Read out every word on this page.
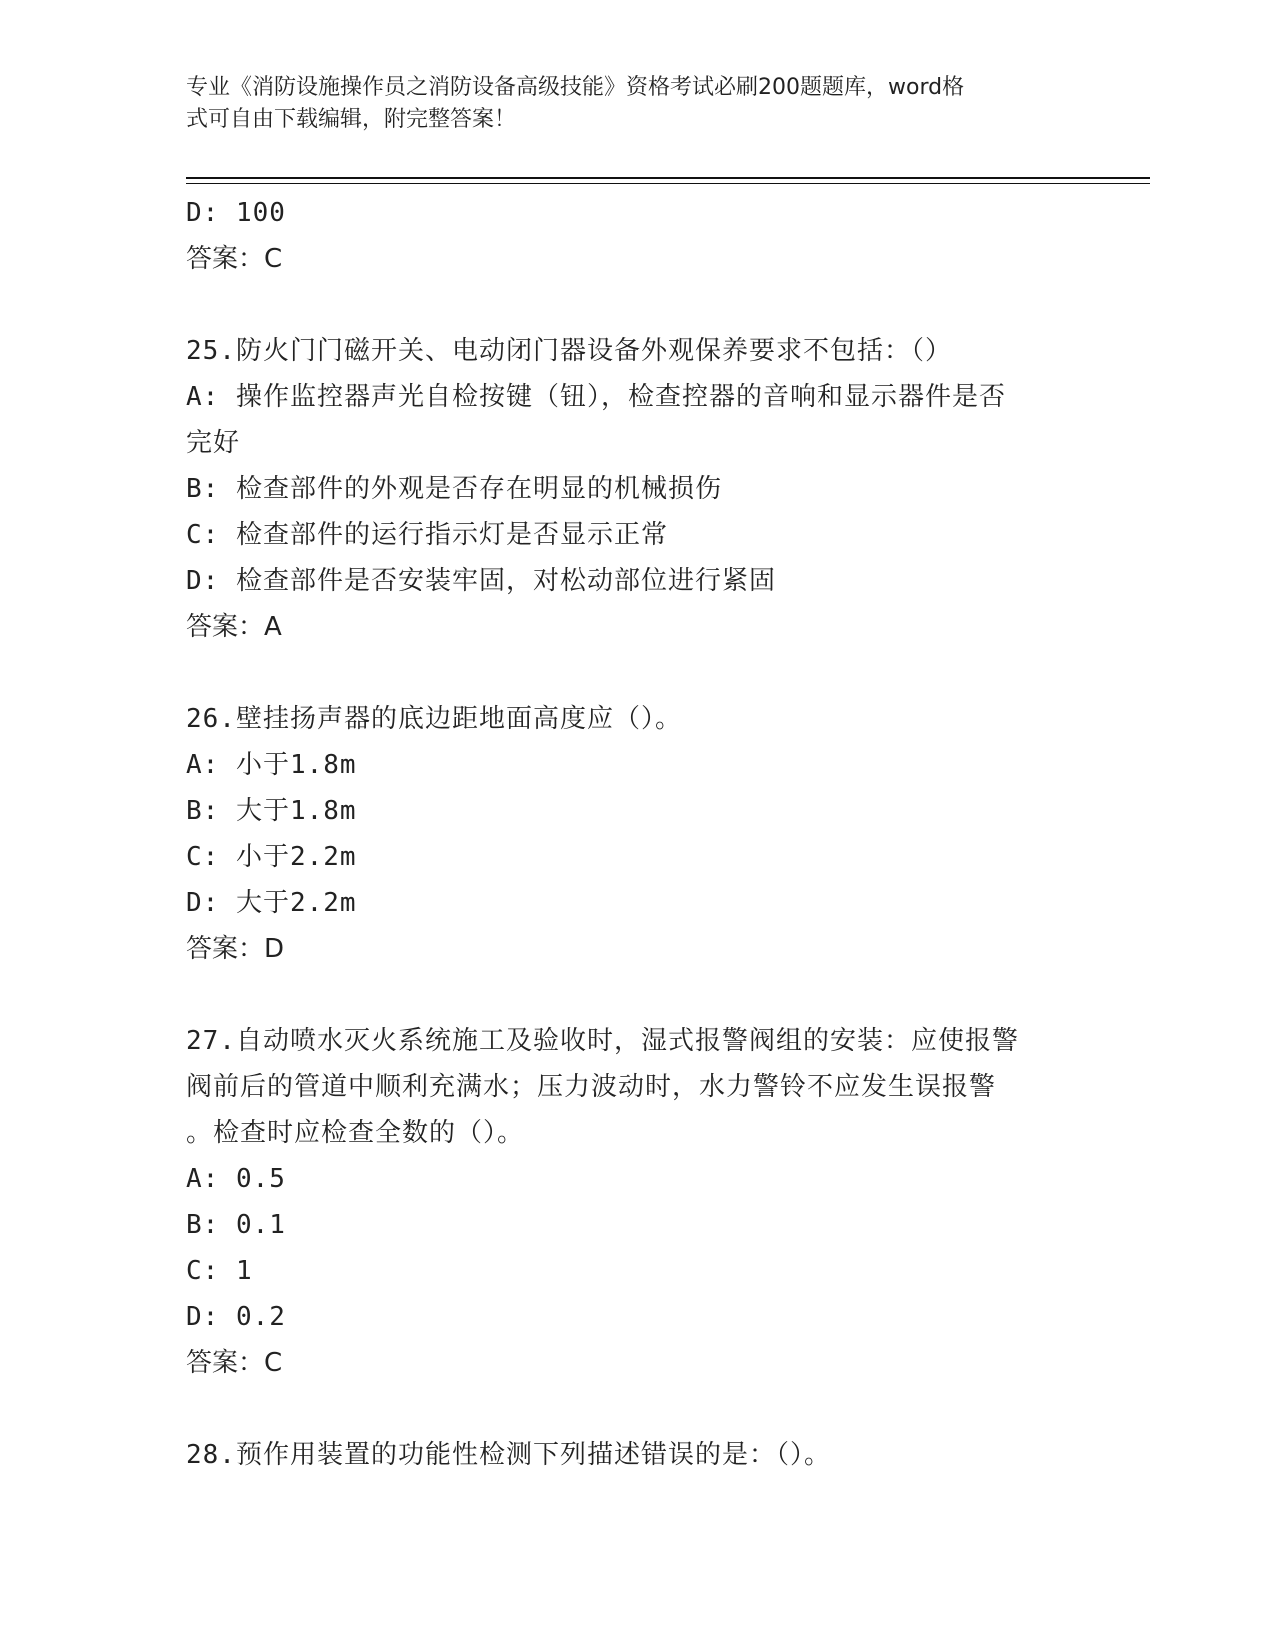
专业《消防设施操作员之消防设备高级技能》资格考试必刷200题题库，word格
式可自由下载编辑，附完整答案！
D: 100
答案：C
25.防火门门磁开关、电动闭门器设备外观保养要求不包括：（）
A: 操作监控器声光自检按键（钮），检查控器的音响和显示器件是否
完好
B: 检查部件的外观是否存在明显的机械损伤
C: 检查部件的运行指示灯是否显示正常
D: 检查部件是否安装牢固，对松动部位进行紧固
答案：A
26.壁挂扬声器的底边距地面高度应（）。
A: 小于1.8m
B: 大于1.8m
C: 小于2.2m
D: 大于2.2m
答案：D
27.自动喷水灭火系统施工及验收时，湿式报警阀组的安装：应使报警
阀前后的管道中顺利充满水；压力波动时，水力警铃不应发生误报警
。检查时应检查全数的（）。
A: 0.5
B: 0.1
C: 1
D: 0.2
答案：C
28.预作用装置的功能性检测下列描述错误的是：（）。
